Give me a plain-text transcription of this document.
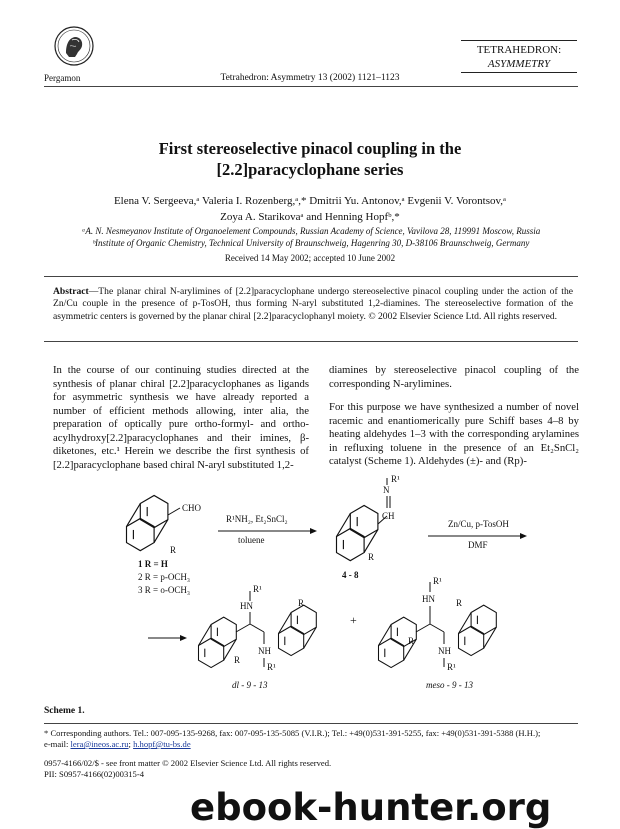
Pergamon	Tetrahedron: Asymmetry 13 (2002) 1121–1123
TETRAHEDRON:
ASYMMETRY
First stereoselective pinacol coupling in the
[2.2]paracyclophane series
Elena V. Sergeeva,ᵃ Valeria I. Rozenberg,ᵃ,* Dmitrii Yu. Antonov,ᵃ Evgenii V. Vorontsov,ᵃ
Zoya A. Starikovaᵃ and Henning Hopfᵇ,*
ᵃA. N. Nesmeyanov Institute of Organoelement Compounds, Russian Academy of Science, Vavilova 28, 119991 Moscow, Russia
ᵇInstitute of Organic Chemistry, Technical University of Braunschweig, Hagenring 30, D-38106 Braunschweig, Germany
Received 14 May 2002; accepted 10 June 2002
Abstract—The planar chiral N-arylimines of [2.2]paracyclophane undergo stereoselective pinacol coupling under the action of the Zn/Cu couple in the presence of p-TosOH, thus forming N-aryl substituted 1,2-diamines. The stereoselective formation of the asymmetric centers is governed by the planar chiral [2.2]paracyclophanyl moiety. © 2002 Elsevier Science Ltd. All rights reserved.
In the course of our continuing studies directed at the synthesis of planar chiral [2.2]paracyclophanes as ligands for asymmetric synthesis we have already reported a number of efficient methods allowing, inter alia, the preparation of optically pure ortho-formyl- and ortho-acylhydroxy[2.2]paracyclophanes and their imines, β-diketones, etc.¹ Herein we describe the first synthesis of [2.2]paracyclophane based chiral N-aryl substituted 1,2-

diamines by stereoselective pinacol coupling of the corresponding N-arylimines.

For this purpose we have synthesized a number of novel racemic and enantiomerically pure Schiff bases 4–8 by heating aldehydes 1–3 with the corresponding arylamines in refluxing toluene in the presence of an Et₂SnCl₂ catalyst (Scheme 1). Aldehydes (±)- and (Rp)-

CHO
R
1 R = H
2 R = p-OCH₃
3 R = o-OCH₃
R¹NH₂, Et₂SnCl₂
toluene
CH
N
R¹
R
4 - 8
Zn/Cu, p-TosOH
DMF
HN
R¹
NH
R¹
R
R
dl - 9 - 13
+
HN
R¹
NH
R¹
R
R
meso - 9 - 13
Scheme 1.
* Corresponding authors. Tel.: 007-095-135-9268, fax: 007-095-135-5085 (V.I.R.); Tel.: +49(0)531-391-5255, fax: +49(0)531-391-5388 (H.H.);
e-mail: lera@ineos.ac.ru; h.hopf@tu-bs.de
0957-4166/02/$ - see front matter © 2002 Elsevier Science Ltd. All rights reserved.
PII: S0957-4166(02)00315-4
ebook-hunter.org
